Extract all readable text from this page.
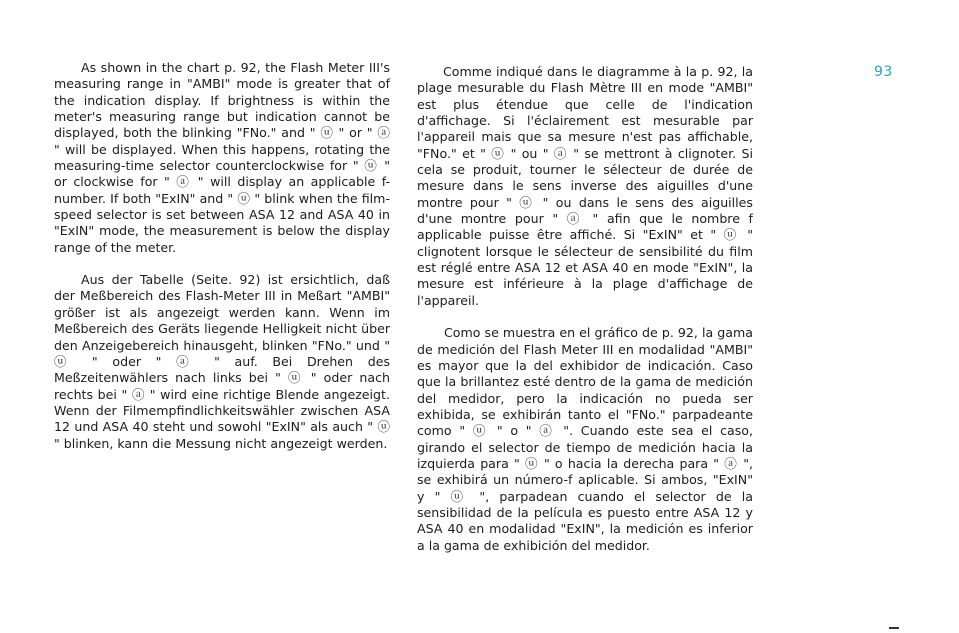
93

As shown in the chart p. 92, the Flash Meter III's measuring range in "AMBI" mode is greater that of the indication display. If brightness is within the meter's measuring range but indication cannot be displayed, both the blinking "FNo." and " ⓤ " or " ⓐ " will be displayed. When this happens, rotating the measuring-time selector counterclockwise for " ⓤ " or clockwise for " ⓐ " will display an applicable f-number. If both "ExIN" and " ⓤ " blink when the film-speed selector is set between ASA 12 and ASA 40 in "ExIN" mode, the measurement is below the display range of the meter.

Aus der Tabelle (Seite. 92) ist ersichtlich, daß der Meßbereich des Flash-Meter III in Meßart "AMBI" größer ist als angezeigt werden kann. Wenn im Meßbereich des Geräts liegende Helligkeit nicht über den Anzeigebereich hinausgeht, blinken "FNo." und " ⓤ " oder " ⓐ " auf. Bei Drehen des Meßzeitenwählers nach links bei " ⓤ " oder nach rechts bei " ⓐ " wird eine richtige Blende angezeigt. Wenn der Filmempfindlichkeitswähler zwischen ASA 12 und ASA 40 steht und sowohl "ExIN" als auch " ⓤ " blinken, kann die Messung nicht angezeigt werden.

Comme indiqué dans le diagramme à la p. 92, la plage mesurable du Flash Mètre III en mode "AMBI" est plus étendue que celle de l'indication d'affichage. Si l'éclairement est mesurable par l'appareil mais que sa mesure n'est pas affichable, "FNo." et " ⓤ " ou " ⓐ " se mettront à clignoter. Si cela se produit, tourner le sélecteur de durée de mesure dans le sens inverse des aiguilles d'une montre pour " ⓤ " ou dans le sens des aiguilles d'une montre pour " ⓐ " afin que le nombre f applicable puisse être affiché. Si "ExIN" et " ⓤ " clignotent lorsque le sélecteur de sensibilité du film est réglé entre ASA 12 et ASA 40 en mode "ExIN", la mesure est inférieure à la plage d'affichage de l'appareil.

Como se muestra en el gráfico de p. 92, la gama de medición del Flash Meter III en modalidad "AMBI" es mayor que la del exhibidor de indicación. Caso que la brillantez esté dentro de la gama de medición del medidor, pero la indicación no pueda ser exhibida, se exhibirán tanto el "FNo." parpadeante como " ⓤ " o " ⓐ ". Cuando este sea el caso, girando el selector de tiempo de medición hacia la izquierda para " ⓤ " o hacia la derecha para " ⓐ ", se exhibirá un número-f aplicable. Si ambos, "ExIN" y " ⓤ ", parpadean cuando el selector de la sensibilidad de la película es puesto entre ASA 12 y ASA 40 en modalidad "ExIN", la medición es inferior a la gama de exhibición del medidor.
